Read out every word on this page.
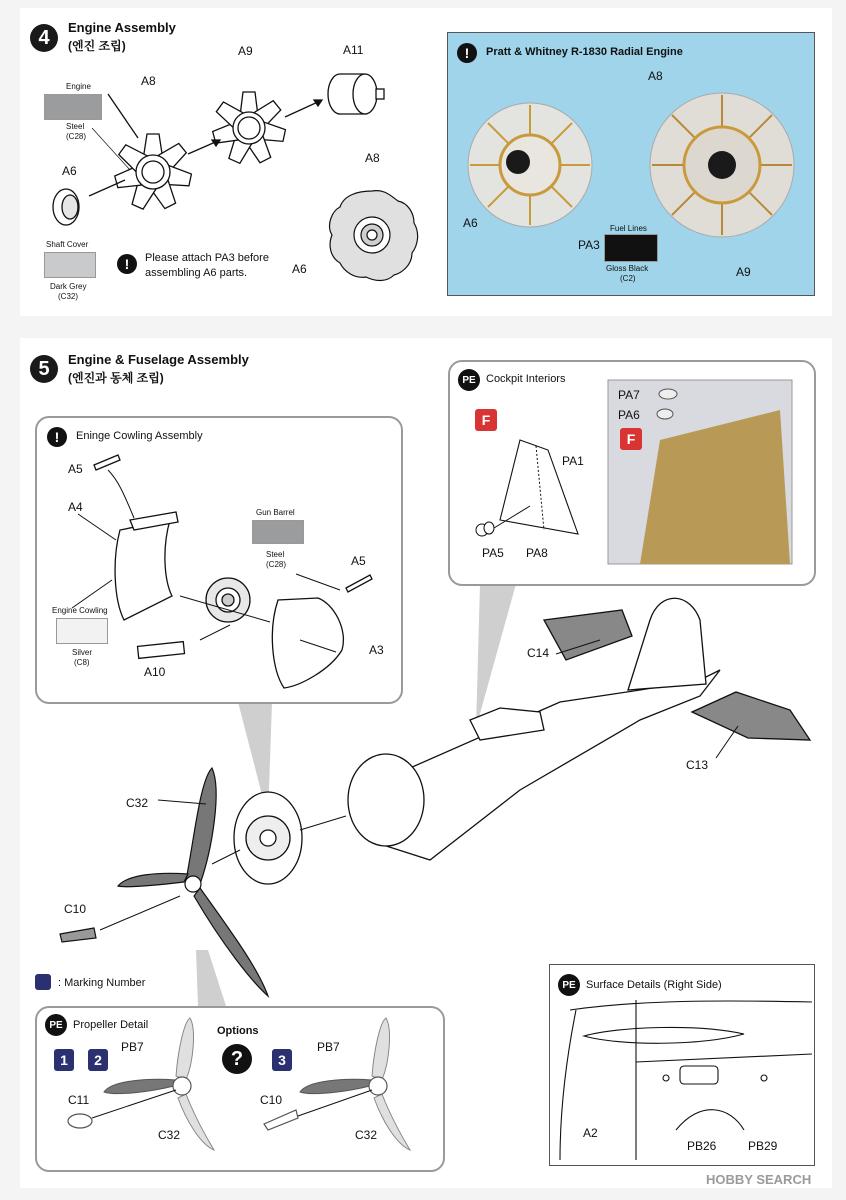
4	Engine Assembly
(엔진 조립)
A8
A9	A11
A6
A8
A6
Engine
Steel
(C28)
Shaft Cover
Dark Grey
(C32)
!	Please attach PA3 before assembling A6 parts.
!	Pratt & Whitney R-1830 Radial Engine
A8
A6
PA3
A9
Fuel Lines
Gloss Black
(C2)
5	Engine & Fuselage Assembly
(엔진과 동체 조립)
!	Eninge Cowling Assembly
A5
A4
A5
A3
A10
Gun Barrel
Steel
(C28)
Engine Cowling
Silver
(C8)
PE Cockpit Interiors
F
PA1
PA5 PA8
PA7
PA6
F
C14
C13
C32
C10
: Marking Number
PE Propeller Detail	Options
1	2	?	3
PB7
C11
C32
PB7
C10
C32
PE Surface Details (Right Side)
A2
PB26	PB29
HOBBY SEARCH
